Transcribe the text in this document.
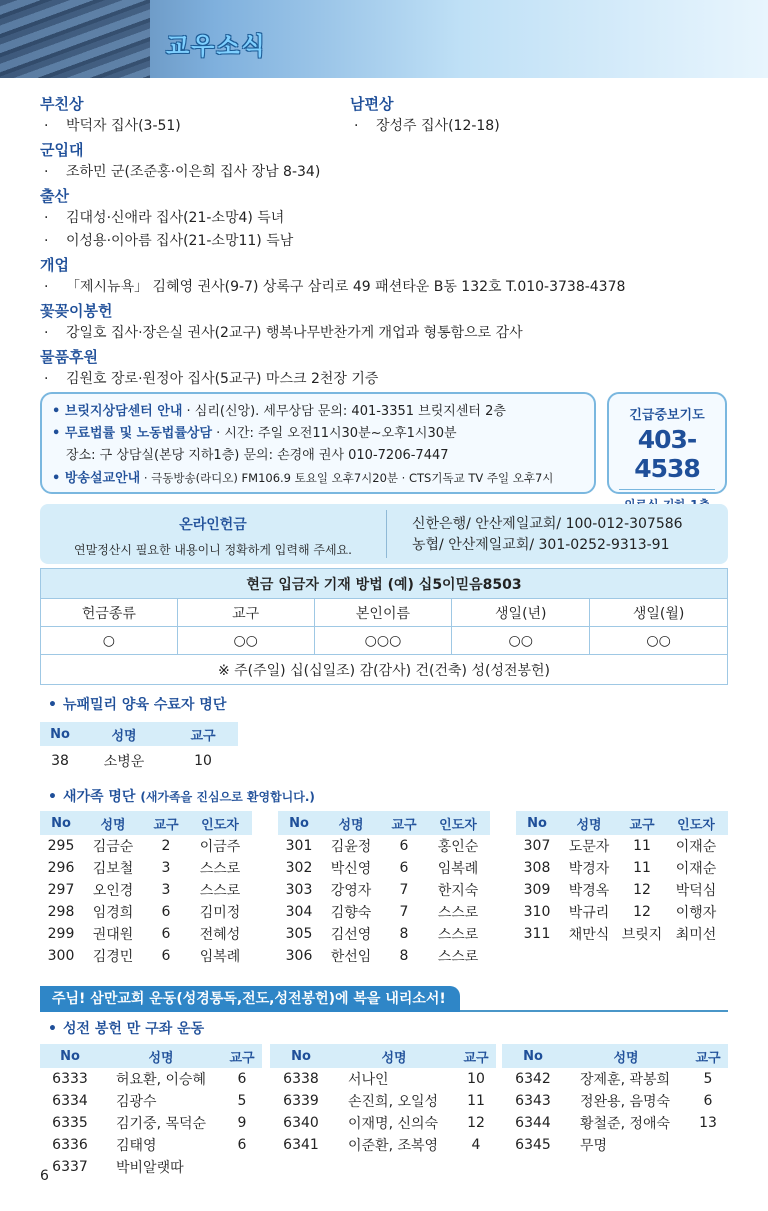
교우소식
부친상
· 박덕자 집사(3-51)
남편상
· 장성주 집사(12-18)
군입대
· 조하민 군(조준홍·이은희 집사 장남 8-34)
출산
· 김대성·신애라 집사(21-소망4) 득녀
· 이성용·이아름 집사(21-소망11) 득남
개업
· 「제시뉴욕」 김혜영 권사(9-7) 상록구 삼리로 49 패션타운 B동 132호 T.010-3738-4378
꽃꽂이봉헌
· 강일호 집사·장은실 권사(2교구) 행복나무반찬가게 개업과 형통함으로 감사
물품후원
· 김원호 장로·원정아 집사(5교구) 마스크 2천장 기증
• 브릿지상담센터 안내 · 심리(신앙). 세무상담 문의: 401-3351 브릿지센터 2층
• 무료법률 및 노동법률상담 · 시간: 주일 오전11시30분~오후1시30분
장소: 구 상담실(본당 지하1층) 문의: 손경애 권사 010-7206-7447
• 방송설교안내 · 극동방송(라디오) FM106.9 토요일 오후7시20분 · CTS기독교 TV 주일 오후7시
긴급중보기도
403-4538
온라인헌금
연말정산시 필요한 내용이니 정확하게 입력해 주세요.
신한은행/ 안산제일교회/ 100-012-307586
농협/ 안산제일교회/ 301-0252-9313-91
현금 입금자 기재 방법 (예) 십5이믿음8503				
헌금종류	교구	본인이름	생일(년)	생일(월)
○	○○	○○○	○○	○○
※ 주(주일) 십(십일조) 감(감사) 건(건축) 성(성전봉헌)				
• 뉴패밀리 양육 수료자 명단
No	성명	교구
38	소병운	10
• 새가족 명단 (새가족을 진심으로 환영합니다.)
No	성명	교구	인도자
295	김금순	2	이금주
296	김보철	3	스스로
297	오인경	3	스스로
298	임경희	6	김미정
299	권대원	6	전혜성
300	김경민	6	임복례
No	성명	교구	인도자
301	김윤정	6	홍인순
302	박신영	6	임복례
303	강영자	7	한지숙
304	김향숙	7	스스로
305	김선영	8	스스로
306	한선임	8	스스로
No	성명	교구	인도자
307	도문자	11	이재순
308	박경자	11	이재순
309	박경옥	12	박덕심
310	박규리	12	이행자
311	채만식	브릿지	최미선
주님! 삼만교회 운동(성경통독,전도,성전봉헌)에 복을 내리소서!
• 성전 봉헌 만 구좌 운동
No	성명	교구
6333	허요환, 이승혜	6
6334	김광수	5
6335	김기중, 목덕순	9
6336	김태영	6
6337	박비알랫따	
No	성명	교구
6338	서나인	10
6339	손진희, 오일성	11
6340	이재명, 신의숙	12
6341	이준환, 조복영	4
No	성명	교구
6342	장제훈, 곽봉희	5
6343	정완용, 음명숙	6
6344	황철준, 정애숙	13
6345	무명	
6
